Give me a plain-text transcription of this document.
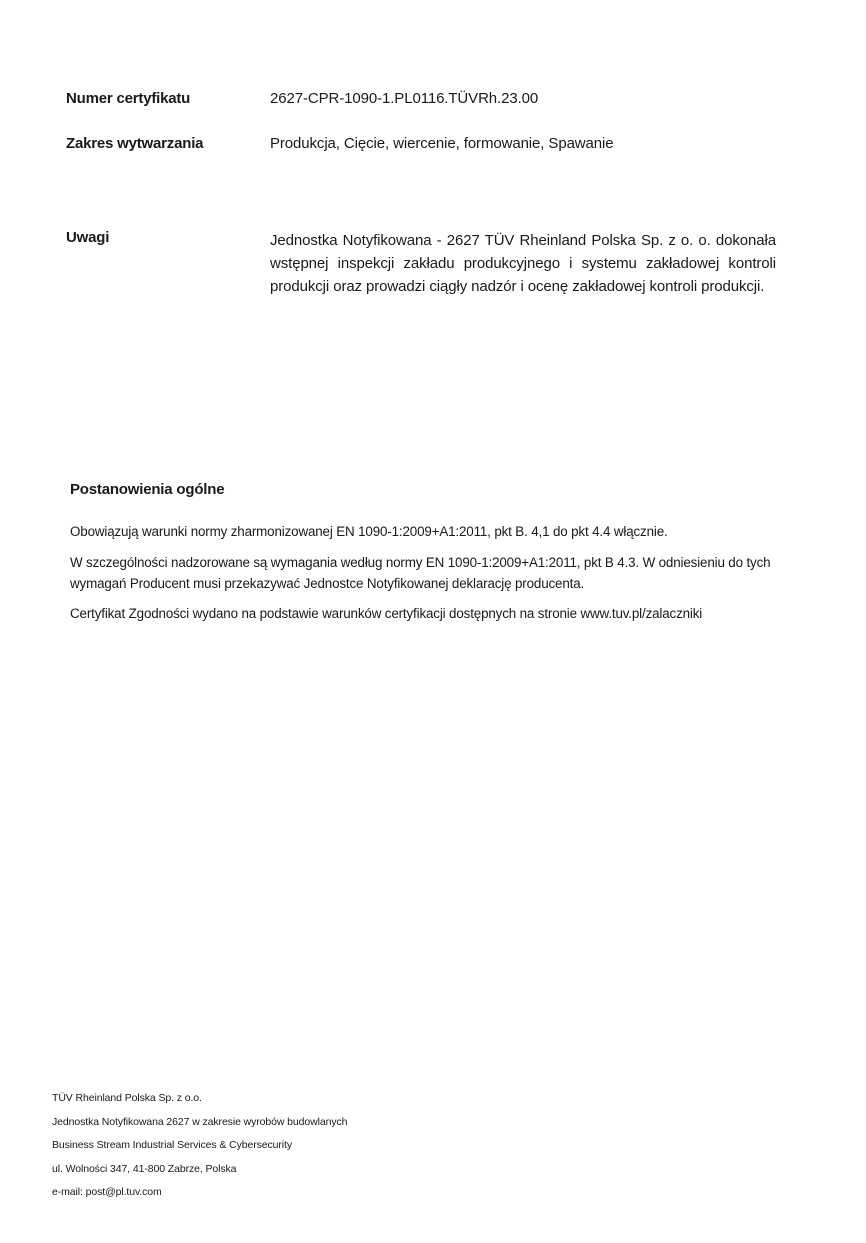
Numer certyfikatu	2627-CPR-1090-1.PL0116.TÜVRh.23.00
Zakres wytwarzania	Produkcja, Cięcie, wiercenie, formowanie, Spawanie
Uwagi	Jednostka Notyfikowana - 2627 TÜV Rheinland Polska Sp. z o. o. dokonała wstępnej inspekcji zakładu produkcyjnego i systemu zakładowej kontroli produkcji oraz prowadzi ciągły nadzór i ocenę zakładowej kontroli produkcji.
Postanowienia ogólne

Obowiązują warunki normy zharmonizowanej EN 1090-1:2009+A1:2011, pkt B. 4,1 do pkt 4.4 włącznie.

W szczególności nadzorowane są wymagania według normy EN 1090-1:2009+A1:2011, pkt B 4.3. W odniesieniu do tych wymagań Producent musi przekazywać Jednostce Notyfikowanej deklarację producenta.

Certyfikat Zgodności wydano na podstawie warunków certyfikacji dostępnych na stronie www.tuv.pl/zalaczniki

TÜV Rheinland Polska Sp. z o.o.
Jednostka Notyfikowana 2627 w zakresie wyrobów budowlanych
Business Stream Industrial Services & Cybersecurity
ul. Wolności 347, 41-800 Zabrze, Polska
e-mail: post@pl.tuv.com
